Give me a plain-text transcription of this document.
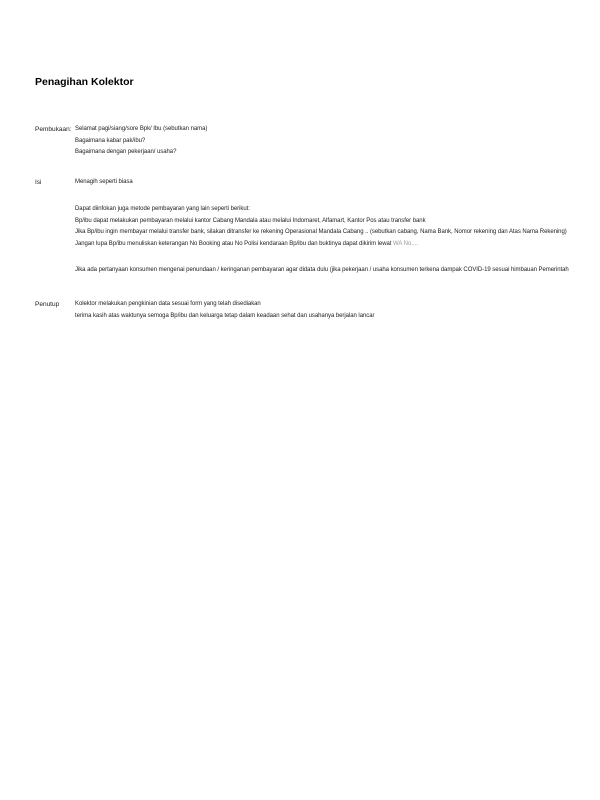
Penagihan Kolektor
Pembukaan: Selamat pagi/siang/sore Bpk/ Ibu (sebutkan nama)
Bagaimana kabar pak/ibu?
Bagaimana dengan pekerjaan/ usaha?
Isi	Menagih seperti biasa
Dapat diinfokan juga metode pembayaran yang lain seperti berikut:
Bp/ibu dapat melakukan pembayaran melalui kantor Cabang Mandala atau melalui Indomaret, Alfamart, Kantor Pos atau transfer bank
Jika Bp/ibu ingin membayar melalui transfer bank, silakan ditransfer ke rekening Operasional Mandala Cabang .. (sebutkan cabang, Nama Bank, Nomor rekening dan Atas Nama Rekening)
Jangan lupa Bp/ibu menuliskan keterangan No Booking atau No Polisi kendaraan Bp/ibu dan buktinya dapat dikirim lewat WA No....
Jika ada pertanyaan konsumen mengenai penundaan / keringanan pembayaran agar didata dulu (jika pekerjaan / usaha konsumen terkena dampak COVID-19 sesuai himbauan Pemerintah
Penutup	Kolektor melakukan pengkinian data sesuai form yang telah disediakan
terima kasih atas waktunya semoga Bp/ibu dan keluarga tetap dalam keadaan sehat dan usahanya berjalan lancar
